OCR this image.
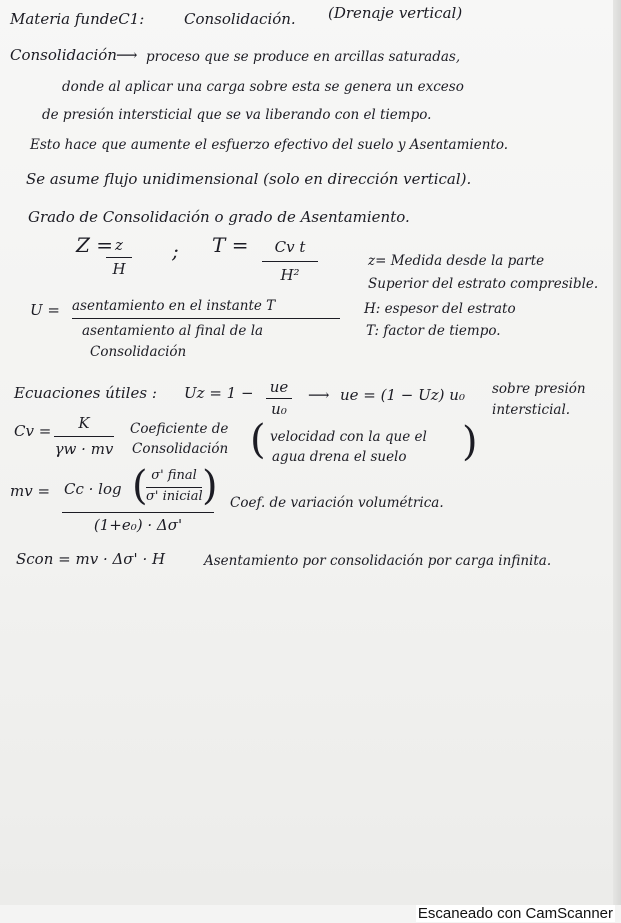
Materia fundeC1:	Consolidación. (Drenaje vertical)
Consolidación ⟶ proceso que se produce en arcillas saturadas,
donde al aplicar una carga sobre esta se genera un exceso
de presión intersticial que se va liberando con el tiempo.
Esto hace que aumente el esfuerzo efectivo del suelo y Asentamiento.
Se asume flujo unidimensional (solo en dirección vertical).
Grado de Consolidación o grado de Asentamiento.
Z = z
H
; T =	Cv t
H²
z= Medida desde la parte
Superior del estrato compresible.
H: espesor del estrato
T: factor de tiempo.
U = asentamiento en el instante T
asentamiento al final de la
Consolidación
Ecuaciones útiles : Uz = 1 − ue
u₀
⟶ ue = (1 − Uz) u₀ sobre presión
intersticial.
Cv =	K
γw · mv
Coeficiente de
Consolidación ( velocidad con la que el
agua drena el suelo )
mv = Cc · log ( σ' final
σ' inicial )
(1+e₀) · Δσ'
Coef. de variación volumétrica.
Scon = mv · Δσ' · H	Asentamiento por consolidación por carga infinita.
Escaneado con CamScanner
